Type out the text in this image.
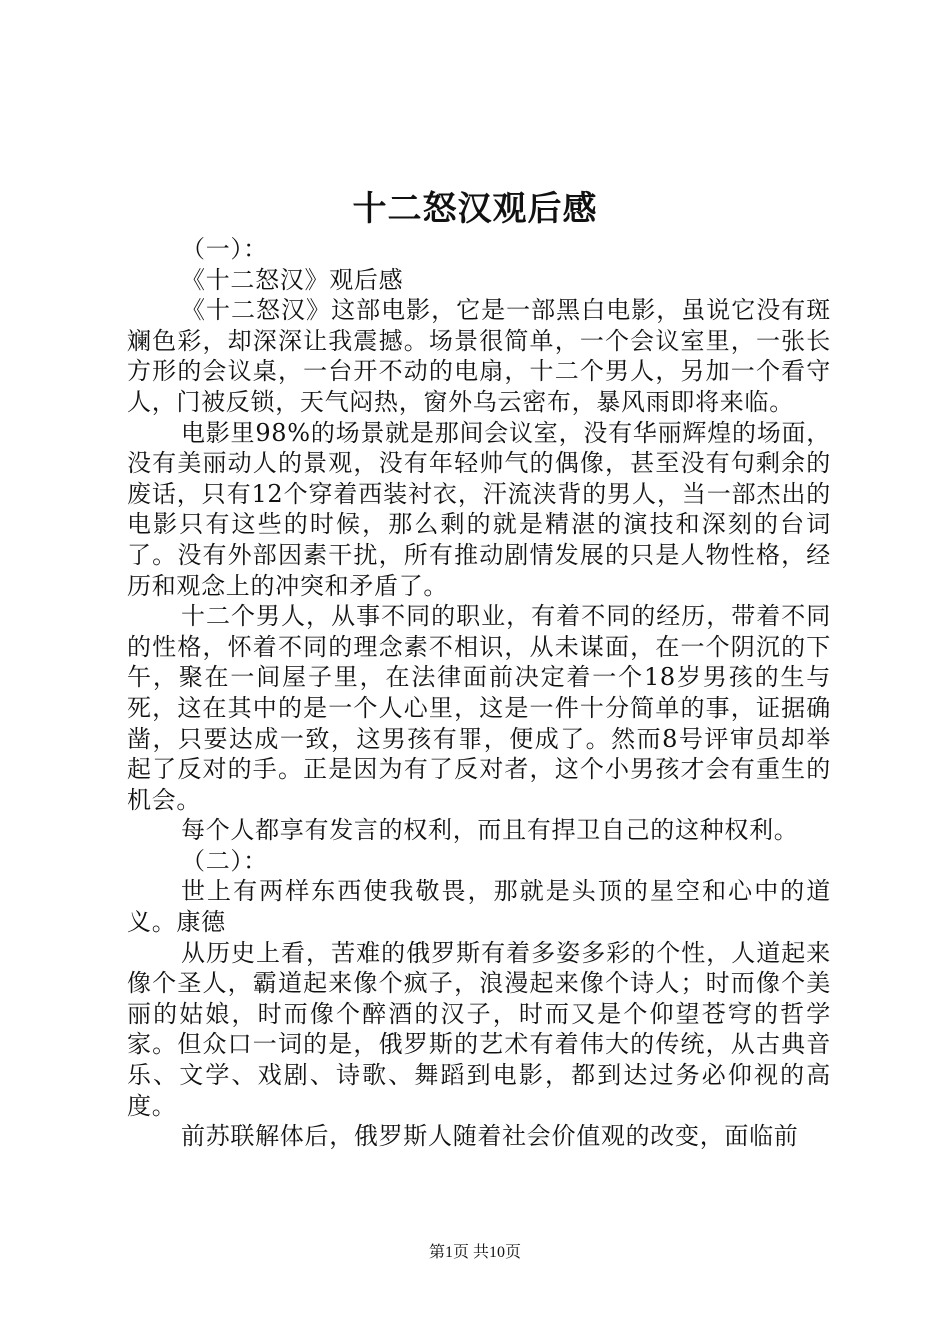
十二怒汉观后感

（一）：

《十二怒汉》观后感

《十二怒汉》这部电影，它是一部黑白电影，虽说它没有斑斓色彩，却深深让我震撼。场景很简单，一个会议室里，一张长方形的会议桌，一台开不动的电扇，十二个男人，另加一个看守人，门被反锁，天气闷热，窗外乌云密布，暴风雨即将来临。

电影里98%的场景就是那间会议室，没有华丽辉煌的场面，没有美丽动人的景观，没有年轻帅气的偶像，甚至没有句剩余的废话，只有12个穿着西装衬衣，汗流浃背的男人，当一部杰出的电影只有这些的时候，那么剩的就是精湛的演技和深刻的台词了。没有外部因素干扰，所有推动剧情发展的只是人物性格，经历和观念上的冲突和矛盾了。

十二个男人，从事不同的职业，有着不同的经历，带着不同的性格，怀着不同的理念素不相识，从未谋面，在一个阴沉的下午，聚在一间屋子里，在法律面前决定着一个18岁男孩的生与死，这在其中的是一个人心里，这是一件十分简单的事，证据确凿，只要达成一致，这男孩有罪，便成了。然而8号评审员却举起了反对的手。正是因为有了反对者，这个小男孩才会有重生的机会。

每个人都享有发言的权利，而且有捍卫自己的这种权利。

（二）：

世上有两样东西使我敬畏，那就是头顶的星空和心中的道义。康德

从历史上看，苦难的俄罗斯有着多姿多彩的个性，人道起来像个圣人，霸道起来像个疯子，浪漫起来像个诗人；时而像个美丽的姑娘，时而像个醉酒的汉子，时而又是个仰望苍穹的哲学家。但众口一词的是，俄罗斯的艺术有着伟大的传统，从古典音乐、文学、戏剧、诗歌、舞蹈到电影，都到达过务必仰视的高度。

前苏联解体后，俄罗斯人随着社会价值观的改变，面临前

第1页 共10页
